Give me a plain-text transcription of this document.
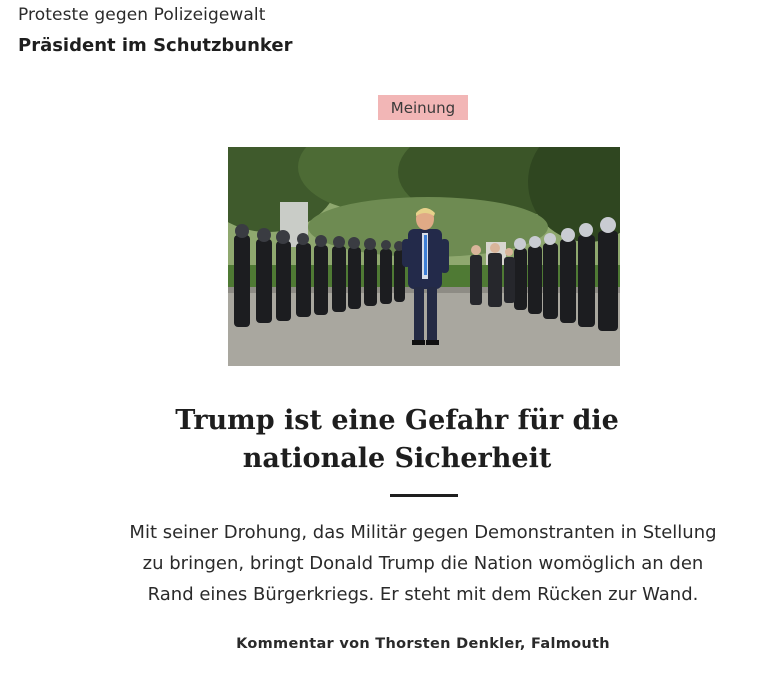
Proteste gegen Polizeigewalt
Präsident im Schutzbunker
Meinung
Trump ist eine Gefahr für die nationale Sicherheit
Mit seiner Drohung, das Militär gegen Demonstranten in Stellung zu bringen, bringt Donald Trump die Nation womöglich an den Rand eines Bürgerkriegs. Er steht mit dem Rücken zur Wand.
Kommentar von Thorsten Denkler, Falmouth
